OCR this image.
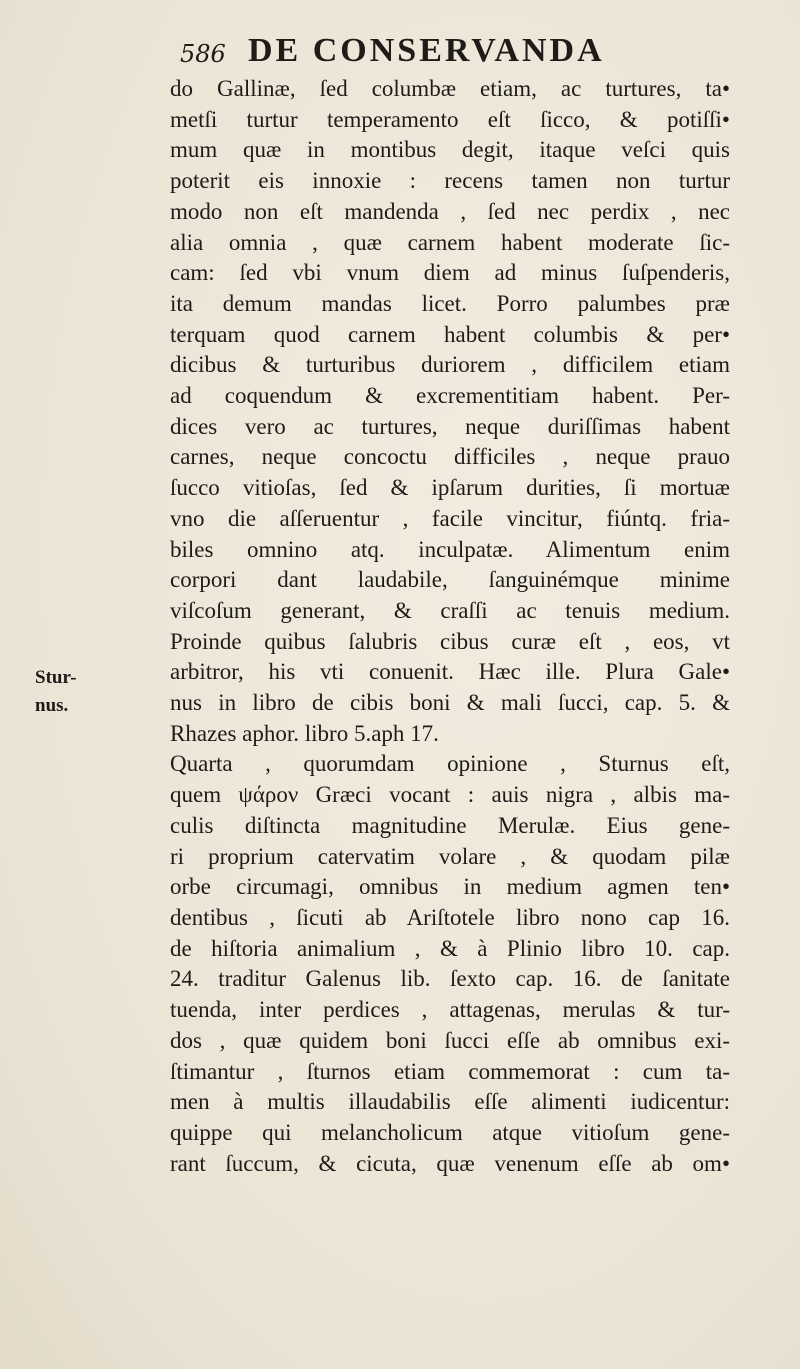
586 DE CONSERVANDA
Stur-
nus.
do Gallinæ, ſed columbæ etiam, ac turtures, ta•
metſi turtur temperamento eſt ſicco, & potiſſi•
mum quæ in montibus degit, itaque veſci quis
poterit eis innoxie : recens tamen non turtur
modo non eſt mandenda , ſed nec perdix , nec
alia omnia , quæ carnem habent moderate ſic-
cam: ſed vbi vnum diem ad minus ſuſpenderis,
ita demum mandas licet. Porro palumbes præ
terquam quod carnem habent columbis & per•
dicibus & turturibus duriorem , difficilem etiam
ad coquendum & excrementitiam habent. Per-
dices vero ac turtures, neque duriſſimas habent
carnes, neque concoctu difficiles , neque prauo
ſucco vitioſas, ſed & ipſarum durities, ſi mortuæ
vno die aſſeruentur , facile vincitur, fiúntq. fria-
biles omnino atq. inculpatæ. Alimentum enim
corpori dant laudabile, ſanguinémque minime
viſcoſum generant, & craſſi ac tenuis medium.
Proinde quibus ſalubris cibus curæ eſt , eos, vt
arbitror, his vti conuenit. Hæc ille. Plura Gale•
nus in libro de cibis boni & mali ſucci, cap. 5. &
Rhazes aphor. libro 5.aph 17.
Quarta , quorumdam opinione , Sturnus eſt,
quem ψάρον Græci vocant : auis nigra , albis ma-
culis diſtincta magnitudine Merulæ. Eius gene-
ri proprium catervatim volare , & quodam pilæ
orbe circumagi, omnibus in medium agmen ten•
dentibus , ſicuti ab Ariſtotele libro nono cap 16.
de hiſtoria animalium , & à Plinio libro 10. cap.
24. traditur Galenus lib. ſexto cap. 16. de ſanitate
tuenda, inter perdices , attagenas, merulas & tur-
dos , quæ quidem boni ſucci eſſe ab omnibus exi-
ſtimantur , ſturnos etiam commemorat : cum ta-
men à multis illaudabilis eſſe alimenti iudicentur:
quippe qui melancholicum atque vitioſum gene-
rant ſuccum, & cicuta, quæ venenum eſſe ab om•
